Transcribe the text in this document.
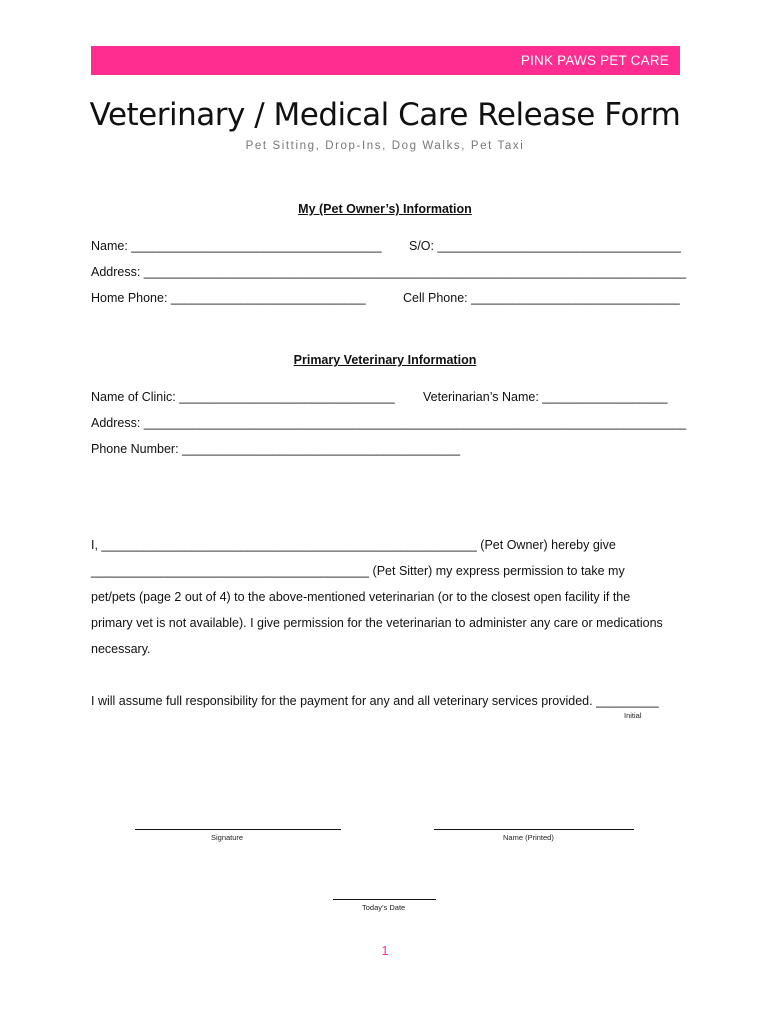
PINK PAWS PET CARE
Veterinary / Medical Care Release Form
Pet Sitting, Drop-Ins, Dog Walks, Pet Taxi
My (Pet Owner’s) Information
Name: ____________________________________ S/O: ___________________________________
Address: ______________________________________________________________________________
Home Phone: ____________________________	Cell Phone: ______________________________
Primary Veterinary Information
Name of Clinic: _______________________________ Veterinarian’s Name: __________________
Address: ______________________________________________________________________________
Phone Number: ________________________________________
I, ______________________________________________________ (Pet Owner) hereby give
________________________________________ (Pet Sitter) my express permission to take my
pet/pets (page 2 out of 4) to the above-mentioned veterinarian (or to the closest open facility if the
primary vet is not available). I give permission for the veterinarian to administer any care or medications
necessary.
I will assume full responsibility for the payment for any and all veterinary services provided. _________
Initial
Signature	Name (Printed)
Today’s Date
1
